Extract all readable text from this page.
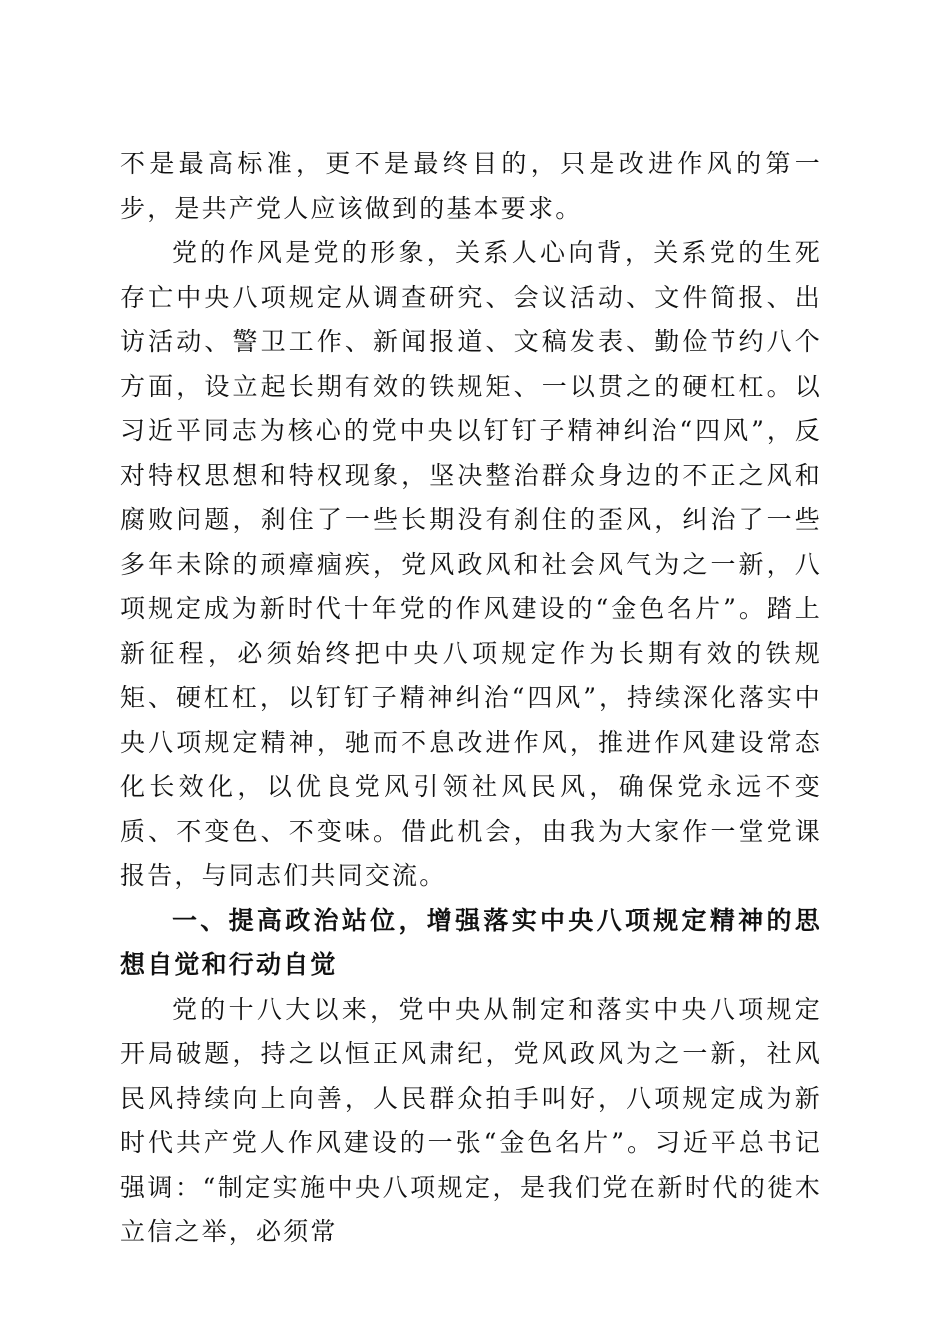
不是最高标准，更不是最终目的，只是改进作风的第一步，是共产党人应该做到的基本要求。

党的作风是党的形象，关系人心向背，关系党的生死存亡中央八项规定从调查研究、会议活动、文件简报、出访活动、警卫工作、新闻报道、文稿发表、勤俭节约八个方面，设立起长期有效的铁规矩、一以贯之的硬杠杠。以习近平同志为核心的党中央以钉钉子精神纠治“四风”，反对特权思想和特权现象，坚决整治群众身边的不正之风和腐败问题，刹住了一些长期没有刹住的歪风，纠治了一些多年未除的顽瘴痼疾，党风政风和社会风气为之一新，八项规定成为新时代十年党的作风建设的“金色名片”。踏上新征程，必须始终把中央八项规定作为长期有效的铁规矩、硬杠杠，以钉钉子精神纠治“四风”，持续深化落实中央八项规定精神，驰而不息改进作风，推进作风建设常态化长效化，以优良党风引领社风民风，确保党永远不变质、不变色、不变味。借此机会，由我为大家作一堂党课报告，与同志们共同交流。

一、提高政治站位，增强落实中央八项规定精神的思想自觉和行动自觉

党的十八大以来，党中央从制定和落实中央八项规定开局破题，持之以恒正风肃纪，党风政风为之一新，社风民风持续向上向善，人民群众拍手叫好，八项规定成为新时代共产党人作风建设的一张“金色名片”。习近平总书记强调：“制定实施中央八项规定，是我们党在新时代的徙木立信之举，必须常
